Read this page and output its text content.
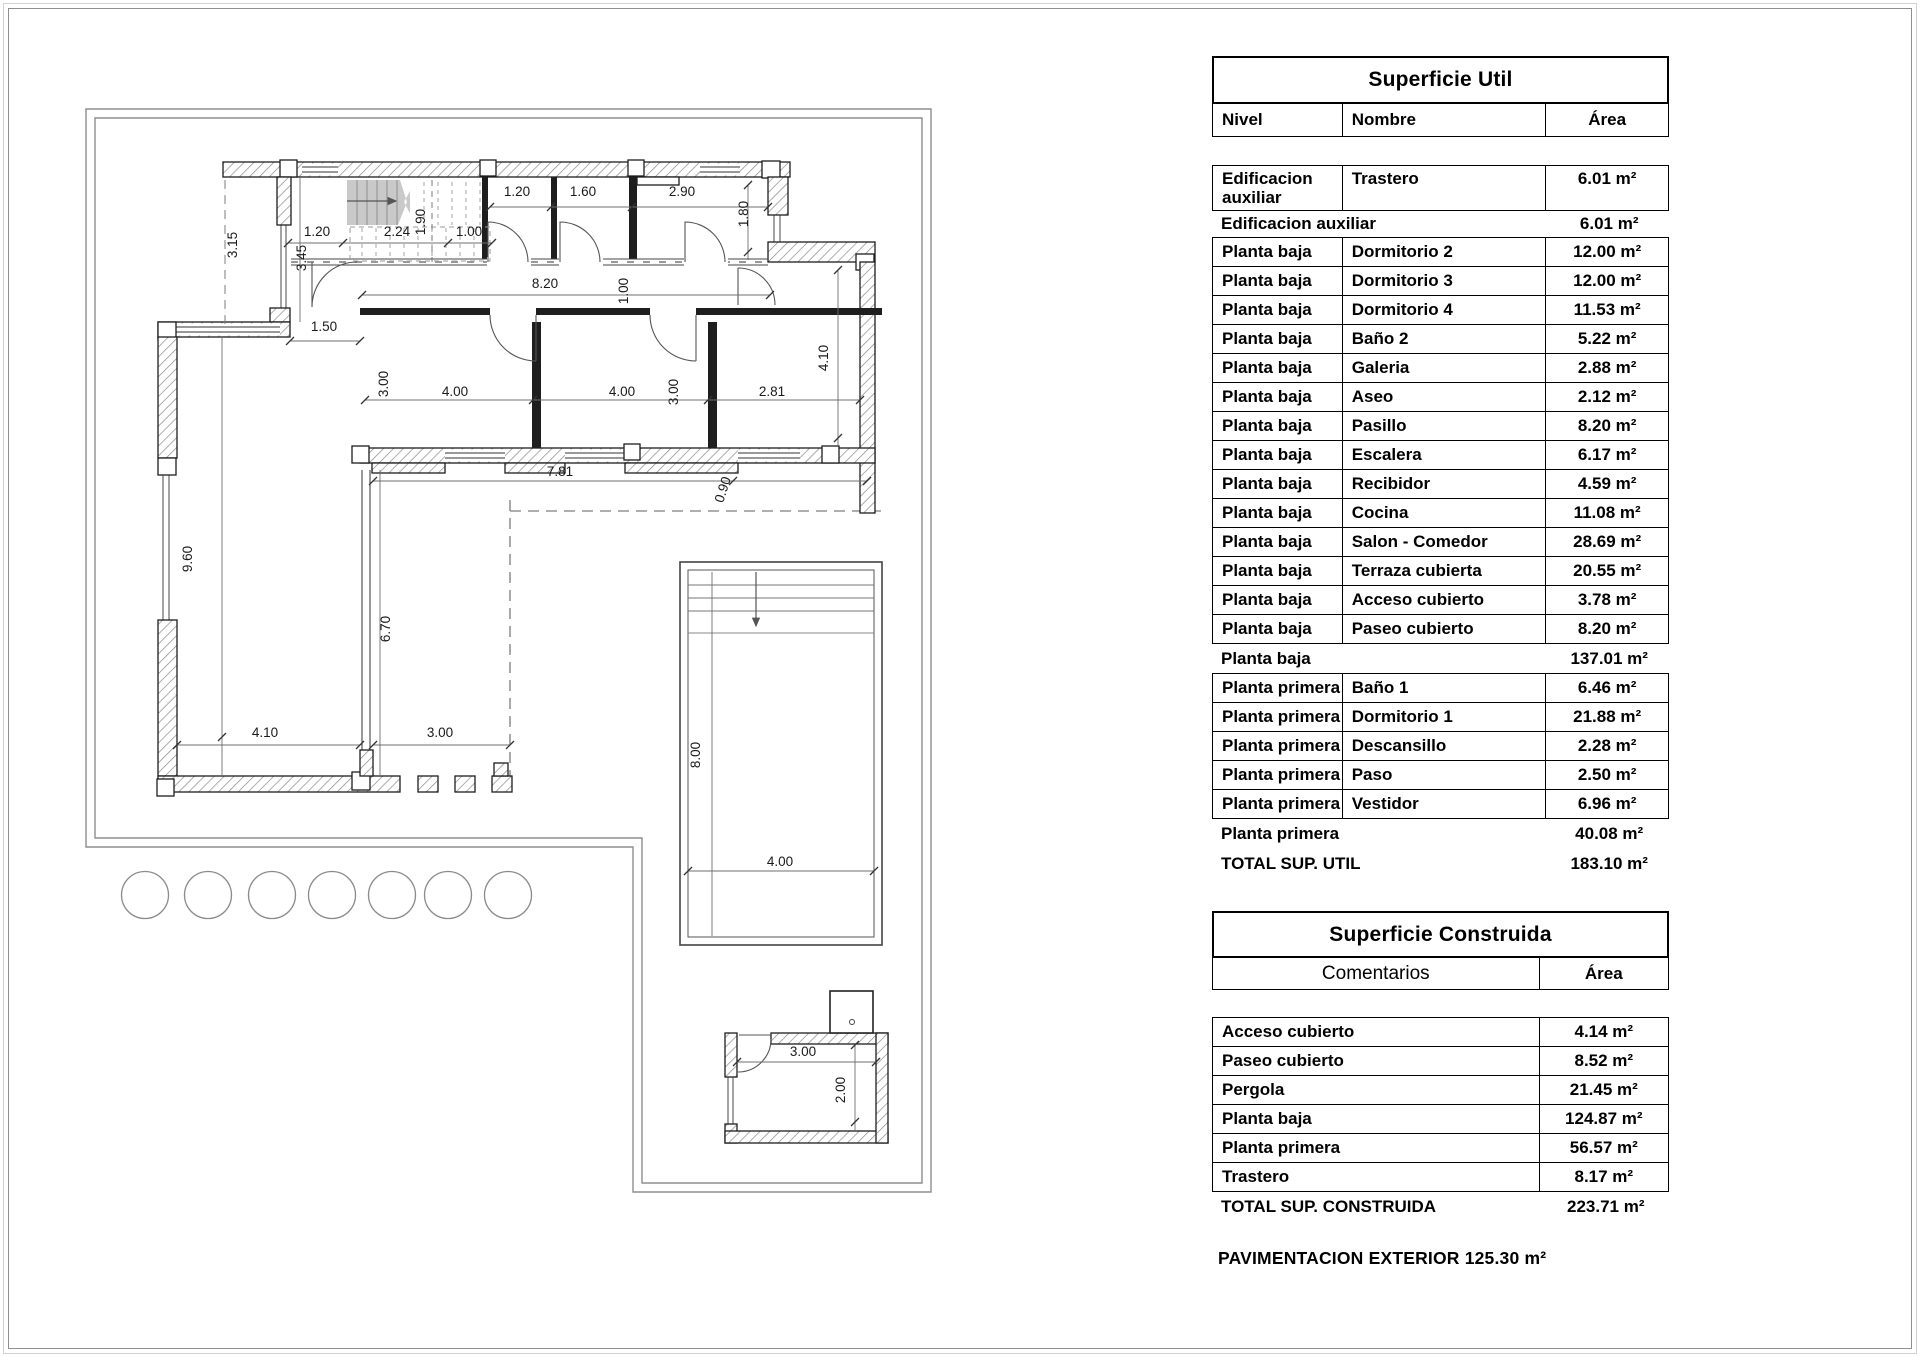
3.15	3.45
1.20	2.24 1.90 1.00
1.20	1.60	2.90
1.80
8.20	1.00
1.50
3.00	4.00	4.00 3.00	2.81
4.10
9.60
4.10
6.70
3.00
7.81
0.90
8.00
4.00
3.00
2.00
Superficie Util
Nivel	Nombre	Área
Edificacion
auxiliar
Trastero	6.01 m²
Edificacion auxiliar	6.01 m²
Planta baja	Dormitorio 2	12.00 m²
Planta baja	Dormitorio 3	12.00 m²
Planta baja	Dormitorio 4	11.53 m²
Planta baja	Baño 2	5.22 m²
Planta baja	Galeria	2.88 m²
Planta baja	Aseo	2.12 m²
Planta baja	Pasillo	8.20 m²
Planta baja	Escalera	6.17 m²
Planta baja	Recibidor	4.59 m²
Planta baja	Cocina	11.08 m²
Planta baja	Salon - Comedor	28.69 m²
Planta baja	Terraza cubierta	20.55 m²
Planta baja	Acceso cubierto	3.78 m²
Planta baja	Paseo cubierto	8.20 m²
Planta baja	137.01 m²
Planta primera Baño 1	6.46 m²
Planta primera Dormitorio 1	21.88 m²
Planta primera Descansillo	2.28 m²
Planta primera Paso	2.50 m²
Planta primera Vestidor	6.96 m²
Planta primera	40.08 m²
TOTAL SUP. UTIL	183.10 m²
Superficie Construida
Comentarios	Área
Acceso cubierto	4.14 m²
Paseo cubierto	8.52 m²
Pergola	21.45 m²
Planta baja	124.87 m²
Planta primera	56.57 m²
Trastero	8.17 m²
TOTAL SUP. CONSTRUIDA	223.71 m²
PAVIMENTACION EXTERIOR 125.30 m²
